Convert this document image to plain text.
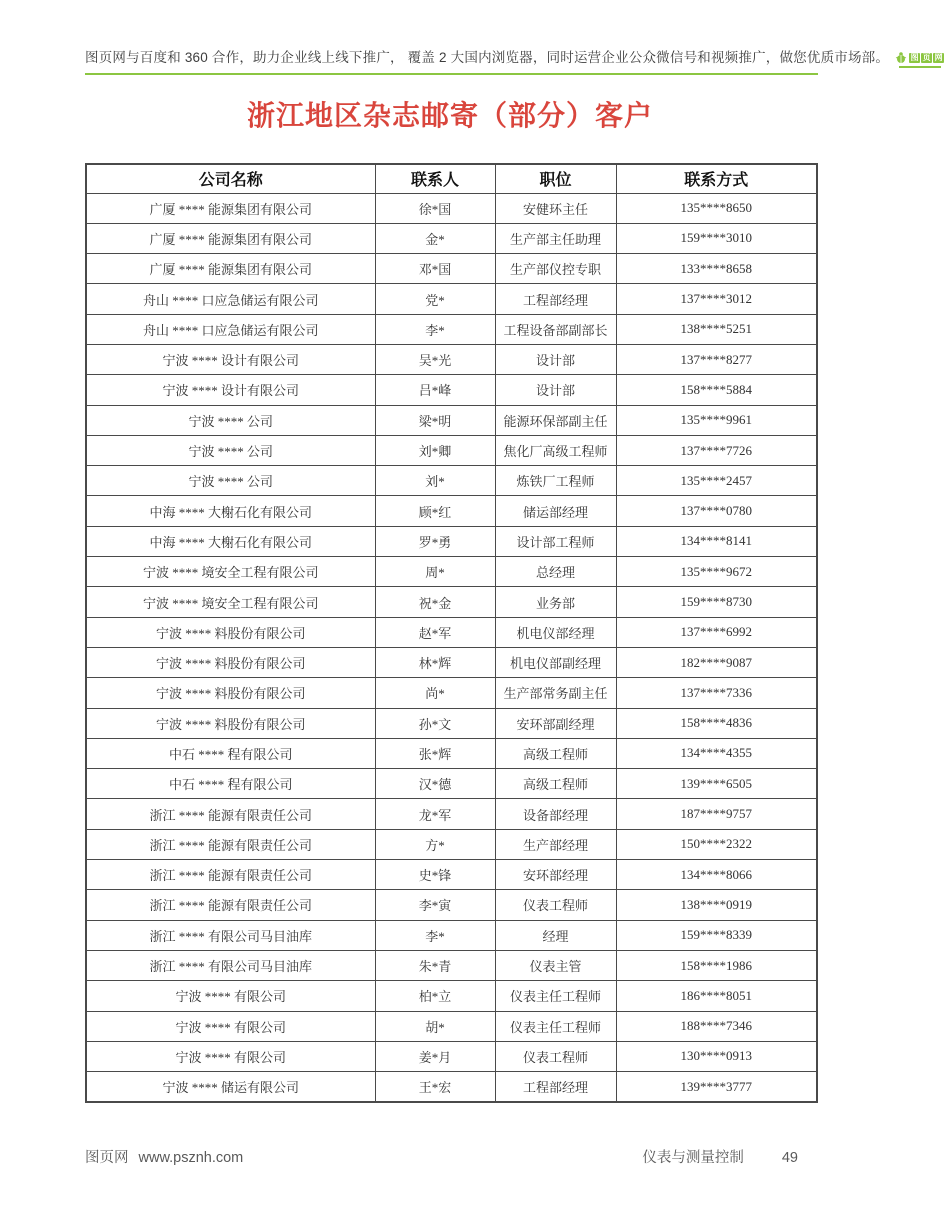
图页网与百度和 360 合作，助力企业线上线下推广， 覆盖 2 大国内浏览器，同时运营企业公众微信号和视频推广，做您优质市场部。	图 页 网
浙江地区杂志邮寄（部分）客户
公司名称	联系人	职位	联系方式
广厦 **** 能源集团有限公司	徐*国	安健环主任	135****8650
广厦 **** 能源集团有限公司	金*	生产部主任助理	159****3010
广厦 **** 能源集团有限公司	邓*国	生产部仪控专职	133****8658
舟山 **** 口应急储运有限公司	党*	工程部经理	137****3012
舟山 **** 口应急储运有限公司	李*	工程设备部副部长	138****5251
宁波 **** 设计有限公司	吴*光	设计部	137****8277
宁波 **** 设计有限公司	吕*峰	设计部	158****5884
宁波 **** 公司	梁*明	能源环保部副主任	135****9961
宁波 **** 公司	刘*卿	焦化厂高级工程师	137****7726
宁波 **** 公司	刘*	炼铁厂工程师	135****2457
中海 **** 大榭石化有限公司	顾*红	储运部经理	137****0780
中海 **** 大榭石化有限公司	罗*勇	设计部工程师	134****8141
宁波 **** 境安全工程有限公司	周*	总经理	135****9672
宁波 **** 境安全工程有限公司	祝*金	业务部	159****8730
宁波 **** 料股份有限公司	赵*军	机电仪部经理	137****6992
宁波 **** 料股份有限公司	林*辉	机电仪部副经理	182****9087
宁波 **** 料股份有限公司	尚*	生产部常务副主任	137****7336
宁波 **** 料股份有限公司	孙*文	安环部副经理	158****4836
中石 **** 程有限公司	张*辉	高级工程师	134****4355
中石 **** 程有限公司	汉*德	高级工程师	139****6505
浙江 **** 能源有限责任公司	龙*军	设备部经理	187****9757
浙江 **** 能源有限责任公司	方*	生产部经理	150****2322
浙江 **** 能源有限责任公司	史*锋	安环部经理	134****8066
浙江 **** 能源有限责任公司	李*寅	仪表工程师	138****0919
浙江 **** 有限公司马目油库	李*	经理	159****8339
浙江 **** 有限公司马目油库	朱*青	仪表主管	158****1986
宁波 **** 有限公司	柏*立	仪表主任工程师	186****8051
宁波 **** 有限公司	胡*	仪表主任工程师	188****7346
宁波 **** 有限公司	姜*月	仪表工程师	130****0913
宁波 **** 储运有限公司	王*宏	工程部经理	139****3777
图页网 www.psznh.com	仪表与测量控制	49
